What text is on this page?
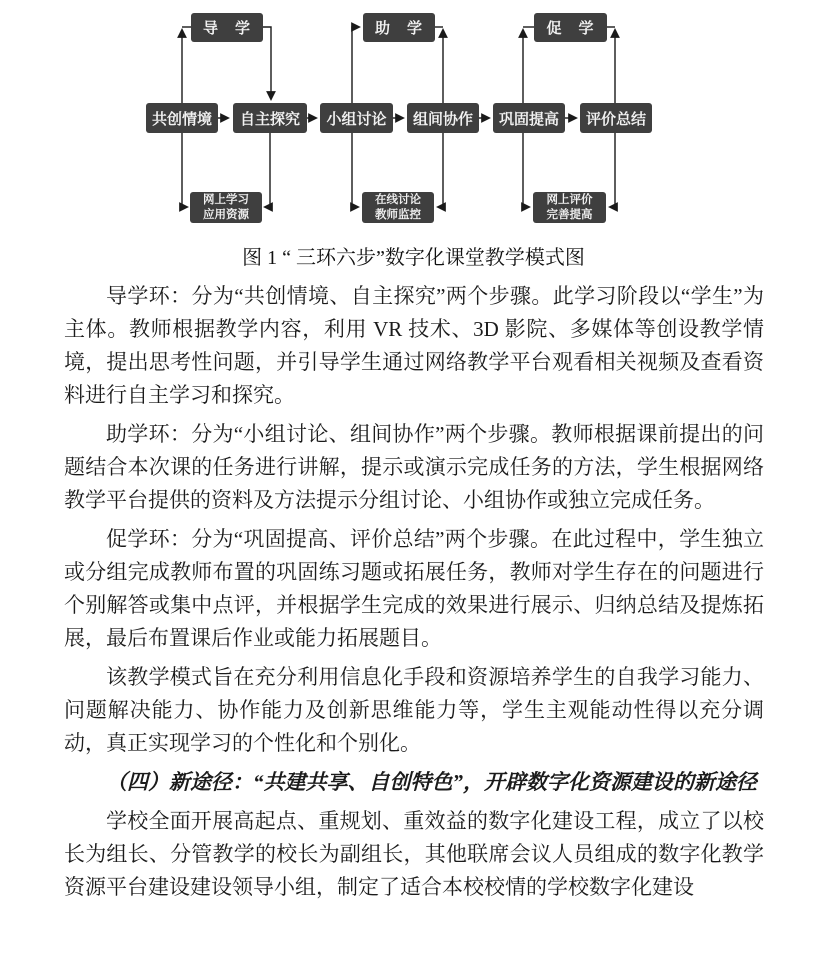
导　学	助　学	促　学
共创情境 自主探究 小组讨论 组间协作 巩固提高 评价总结
网上学习
应用资源
在线讨论
教师监控
网上评价
完善提高
图 1 “ 三环六步”数字化课堂教学模式图

导学环：分为“共创情境、自主探究”两个步骤。此学习阶段以“学生”为主体。教师根据教学内容，利用 VR 技术、3D 影院、多媒体等创设教学情境，提出思考性问题，并引导学生通过网络教学平台观看相关视频及查看资料进行自主学习和探究。

助学环：分为“小组讨论、组间协作”两个步骤。教师根据课前提出的问题结合本次课的任务进行讲解，提示或演示完成任务的方法，学生根据网络教学平台提供的资料及方法提示分组讨论、小组协作或独立完成任务。

促学环：分为“巩固提高、评价总结”两个步骤。在此过程中，学生独立或分组完成教师布置的巩固练习题或拓展任务，教师对学生存在的问题进行个别解答或集中点评，并根据学生完成的效果进行展示、归纳总结及提炼拓展，最后布置课后作业或能力拓展题目。

该教学模式旨在充分利用信息化手段和资源培养学生的自我学习能力、问题解决能力、协作能力及创新思维能力等，学生主观能动性得以充分调动，真正实现学习的个性化和个别化。

（四）新途径：“共建共享、自创特色”，开辟数字化资源建设的新途径

学校全面开展高起点、重规划、重效益的数字化建设工程，成立了以校长为组长、分管教学的校长为副组长，其他联席会议人员组成的数字化教学资源平台建设建设领导小组，制定了适合本校校情的学校数字化建设
